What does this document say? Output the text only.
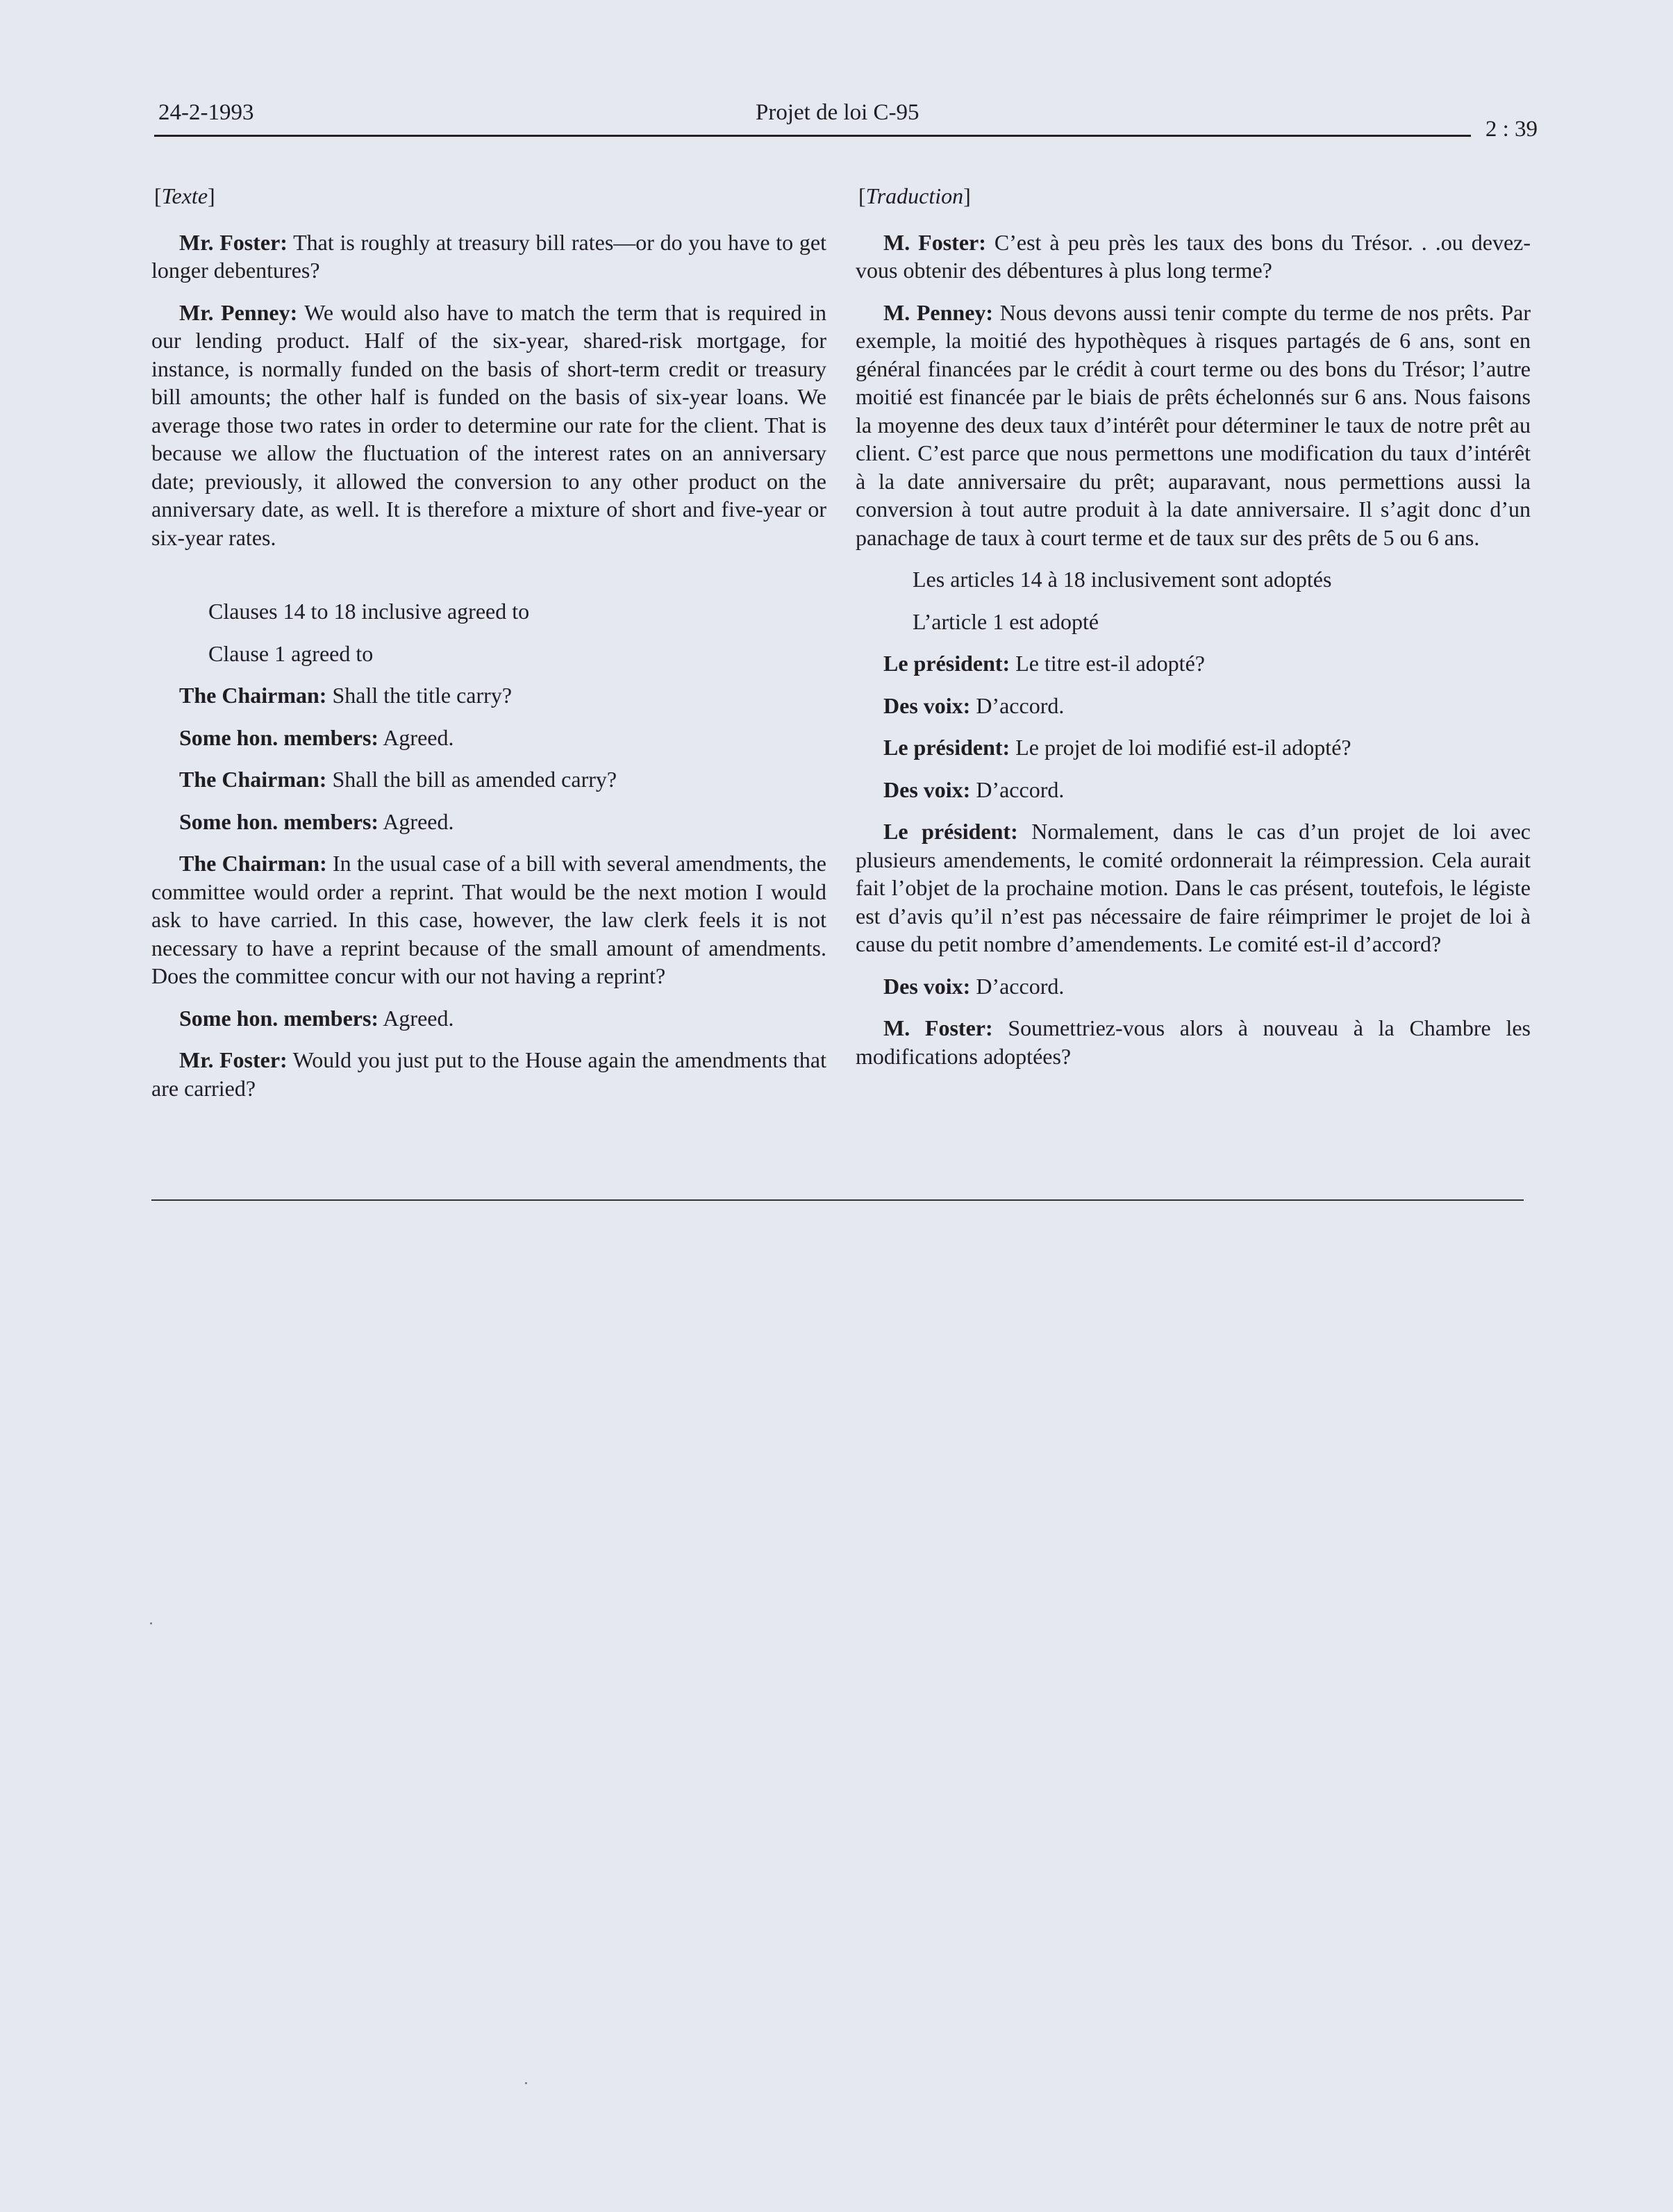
24-2-1993	Projet de loi C-95
2 : 39
[Texte]

Mr. Foster: That is roughly at treasury bill rates—or do you have to get longer debentures?

Mr. Penney: We would also have to match the term that is required in our lending product. Half of the six-year, shared-risk mortgage, for instance, is normally funded on the basis of short-term credit or treasury bill amounts; the other half is funded on the basis of six-year loans. We average those two rates in order to determine our rate for the client. That is because we allow the fluctuation of the interest rates on an anniversary date; previously, it allowed the conversion to any other product on the anniversary date, as well. It is therefore a mixture of short and five-year or six-year rates.

Clauses 14 to 18 inclusive agreed to

Clause 1 agreed to

The Chairman: Shall the title carry?

Some hon. members: Agreed.

The Chairman: Shall the bill as amended carry?

Some hon. members: Agreed.

The Chairman: In the usual case of a bill with several amendments, the committee would order a reprint. That would be the next motion I would ask to have carried. In this case, however, the law clerk feels it is not necessary to have a reprint because of the small amount of amendments. Does the committee concur with our not having a reprint?

Some hon. members: Agreed.

Mr. Foster: Would you just put to the House again the amendments that are carried?

[Traduction]

M. Foster: C’est à peu près les taux des bons du Trésor. . .ou devez-vous obtenir des débentures à plus long terme?

M. Penney: Nous devons aussi tenir compte du terme de nos prêts. Par exemple, la moitié des hypothèques à risques partagés de 6 ans, sont en général financées par le crédit à court terme ou des bons du Trésor; l’autre moitié est financée par le biais de prêts échelonnés sur 6 ans. Nous faisons la moyenne des deux taux d’intérêt pour déterminer le taux de notre prêt au client. C’est parce que nous permettons une modification du taux d’intérêt à la date anniversaire du prêt; auparavant, nous permettions aussi la conversion à tout autre produit à la date anniversaire. Il s’agit donc d’un panachage de taux à court terme et de taux sur des prêts de 5 ou 6 ans.

Les articles 14 à 18 inclusivement sont adoptés

L’article 1 est adopté

Le président: Le titre est-il adopté?

Des voix: D’accord.

Le président: Le projet de loi modifié est-il adopté?

Des voix: D’accord.

Le président: Normalement, dans le cas d’un projet de loi avec plusieurs amendements, le comité ordonnerait la réimpression. Cela aurait fait l’objet de la prochaine motion. Dans le cas présent, toutefois, le légiste est d’avis qu’il n’est pas nécessaire de faire réimprimer le projet de loi à cause du petit nombre d’amendements. Le comité est-il d’accord?

Des voix: D’accord.

M. Foster: Soumettriez-vous alors à nouveau à la Chambre les modifications adoptées?
